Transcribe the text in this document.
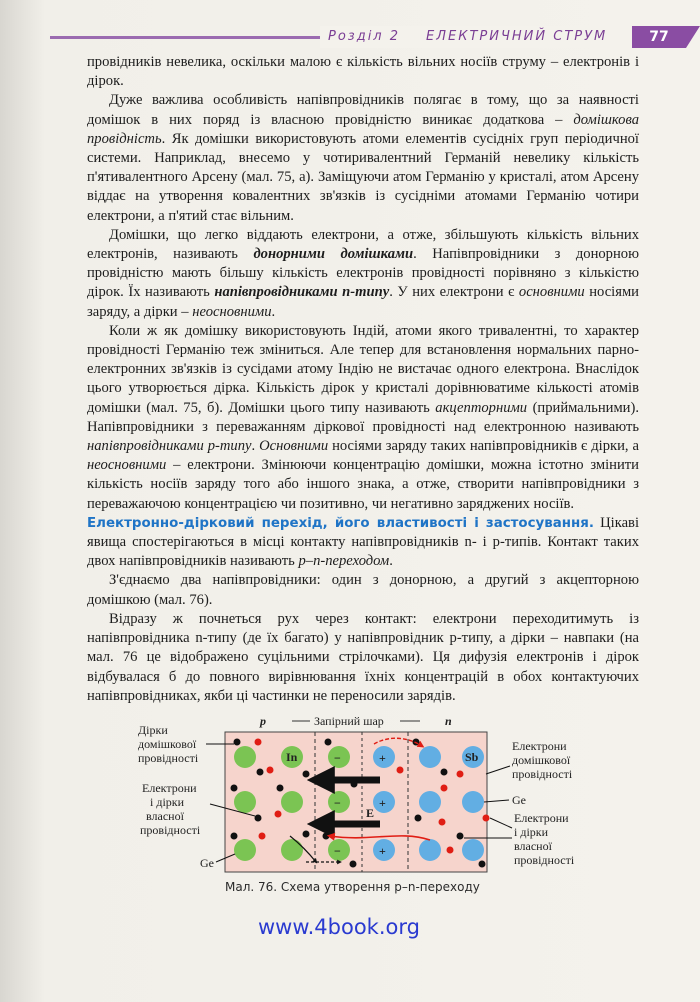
Розділ 2 ЕЛЕКТРИЧНИЙ СТРУМ	77

провідників невелика, оскільки малою є кількість вільних носіїв струму – електронів і дірок.

Дуже важлива особливість напівпровідників полягає в тому, що за наявності домішок в них поряд із власною провідністю виникає додаткова – домішкова провідність. Як домішки використовують атоми елементів сусідніх груп періодичної системи. Наприклад, внесемо у чотиривалентний Германій невелику кількість п'ятивалентного Арсену (мал. 75, а). Заміщуючи атом Германію у кристалі, атом Арсену віддає на утворення ковалентних зв'язків із сусідніми атомами Германію чотири електрони, а п'ятий стає вільним.

Домішки, що легко віддають електрони, а отже, збільшують кількість вільних електронів, називають донорними домішками. Напівпровідники з донорною провідністю мають більшу кількість електронів провідності порівняно з кількістю дірок. Їх називають напівпровідниками n-типу. У них електрони є основними носіями заряду, а дірки – неосновними.

Коли ж як домішку використовують Індій, атоми якого тривалентні, то характер провідності Германію теж зміниться. Але тепер для встановлення нормальних парно-електронних зв'язків із сусідами атому Індію не вистачає одного електрона. Внаслідок цього утворюється дірка. Кількість дірок у кристалі дорівнюватиме кількості атомів домішки (мал. 75, б). Домішки цього типу називають акцепторними (приймальними). Напівпровідники з переважанням діркової провідності над електронною називають напівпровідниками p-типу. Основними носіями заряду таких напівпровідників є дірки, а неосновними – електрони. Змінюючи концентрацію домішки, можна істотно змінити кількість носіїв заряду того або іншого знака, а отже, створити напівпровідники з переважаючою концентрацією чи позитивно, чи негативно заряджених носіїв.

Електронно-дірковий перехід, його властивості і застосування. Цікаві явища спостерігаються в місці контакту напівпровідників n- і p-типів. Контакт таких двох напівпровідників називають p–n-переходом.

З'єднаємо два напівпровідники: один з донорною, а другий з акцепторною домішкою (мал. 76).

Відразу ж почнеться рух через контакт: електрони переходитимуть із напівпровідника n-типу (де їх багато) у напівпровідник p-типу, а дірки – навпаки (на мал. 76 це відображено суцільними стрілочками). Ця дифузія електронів і дірок відбувалася б до повного вирівнювання їхніх концентрацій в обох контактуючих напівпровідниках, якби ці частинки не переносили зарядів.

p	Запірний шар	n
In	−
−
−
+
+
+
Sb
E
Дірки домішкової провідності
Електрони і дірки власної провідності
Ge
Електрони домішкової провідності
Ge
Електрони і дірки власної провідності
Мал. 76. Схема утворення p–n-переходу
www.4book.org
